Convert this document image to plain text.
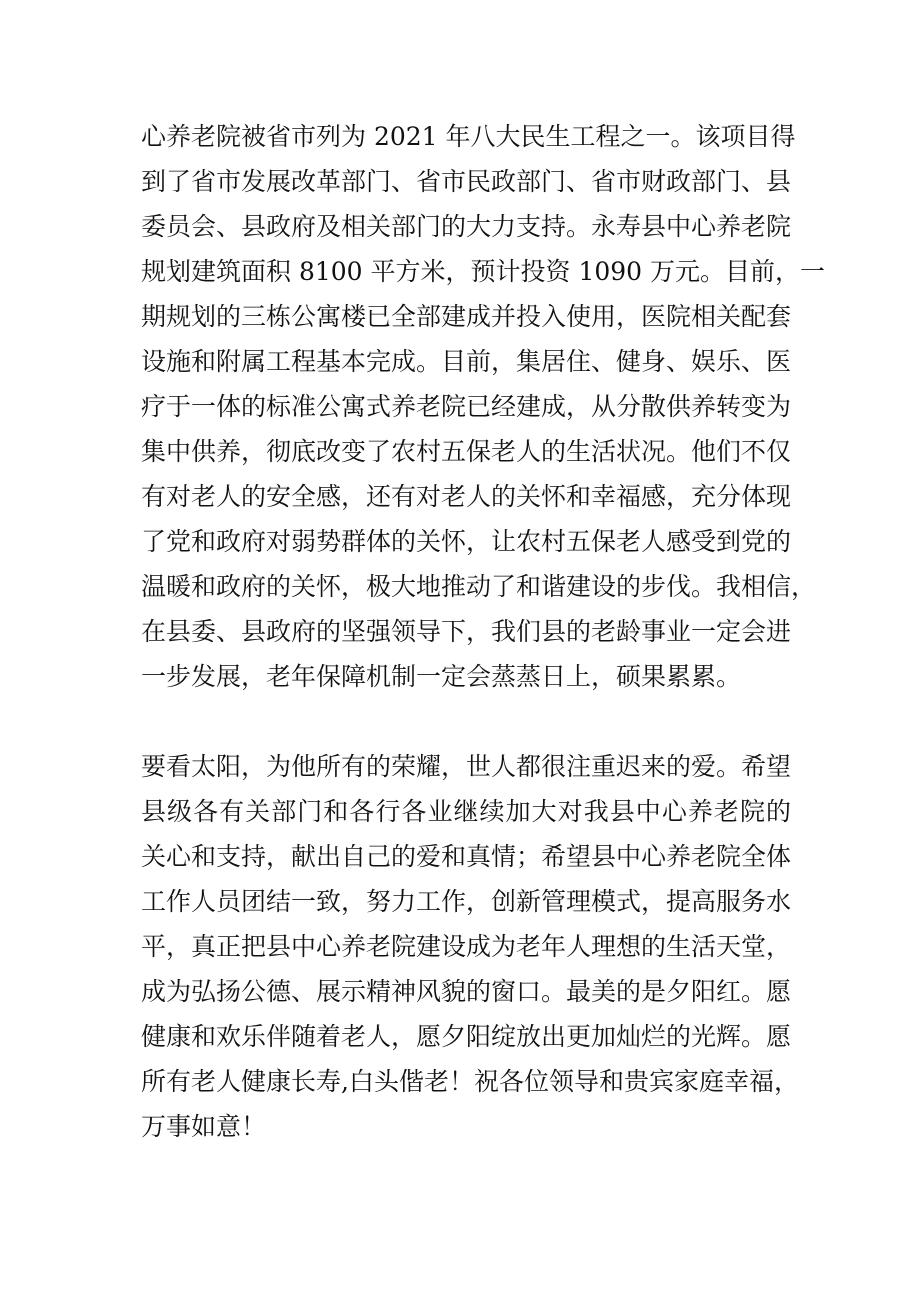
心养老院被省市列为 2021 年八大民生工程之一。该项目得
到了省市发展改革部门、省市民政部门、省市财政部门、县
委员会、县政府及相关部门的大力支持。永寿县中心养老院
规划建筑面积 8100 平方米，预计投资 1090 万元。目前，一
期规划的三栋公寓楼已全部建成并投入使用，医院相关配套
设施和附属工程基本完成。目前，集居住、健身、娱乐、医
疗于一体的标准公寓式养老院已经建成，从分散供养转变为
集中供养，彻底改变了农村五保老人的生活状况。他们不仅
有对老人的安全感，还有对老人的关怀和幸福感，充分体现
了党和政府对弱势群体的关怀，让农村五保老人感受到党的
温暖和政府的关怀，极大地推动了和谐建设的步伐。我相信，
在县委、县政府的坚强领导下，我们县的老龄事业一定会进
一步发展，老年保障机制一定会蒸蒸日上，硕果累累。
要看太阳，为他所有的荣耀，世人都很注重迟来的爱。希望
县级各有关部门和各行各业继续加大对我县中心养老院的
关心和支持，献出自己的爱和真情；希望县中心养老院全体
工作人员团结一致，努力工作，创新管理模式，提高服务水
平，真正把县中心养老院建设成为老年人理想的生活天堂，
成为弘扬公德、展示精神风貌的窗口。最美的是夕阳红。愿
健康和欢乐伴随着老人，愿夕阳绽放出更加灿烂的光辉。愿
所有老人健康长寿,白头偕老！祝各位领导和贵宾家庭幸福，
万事如意！
